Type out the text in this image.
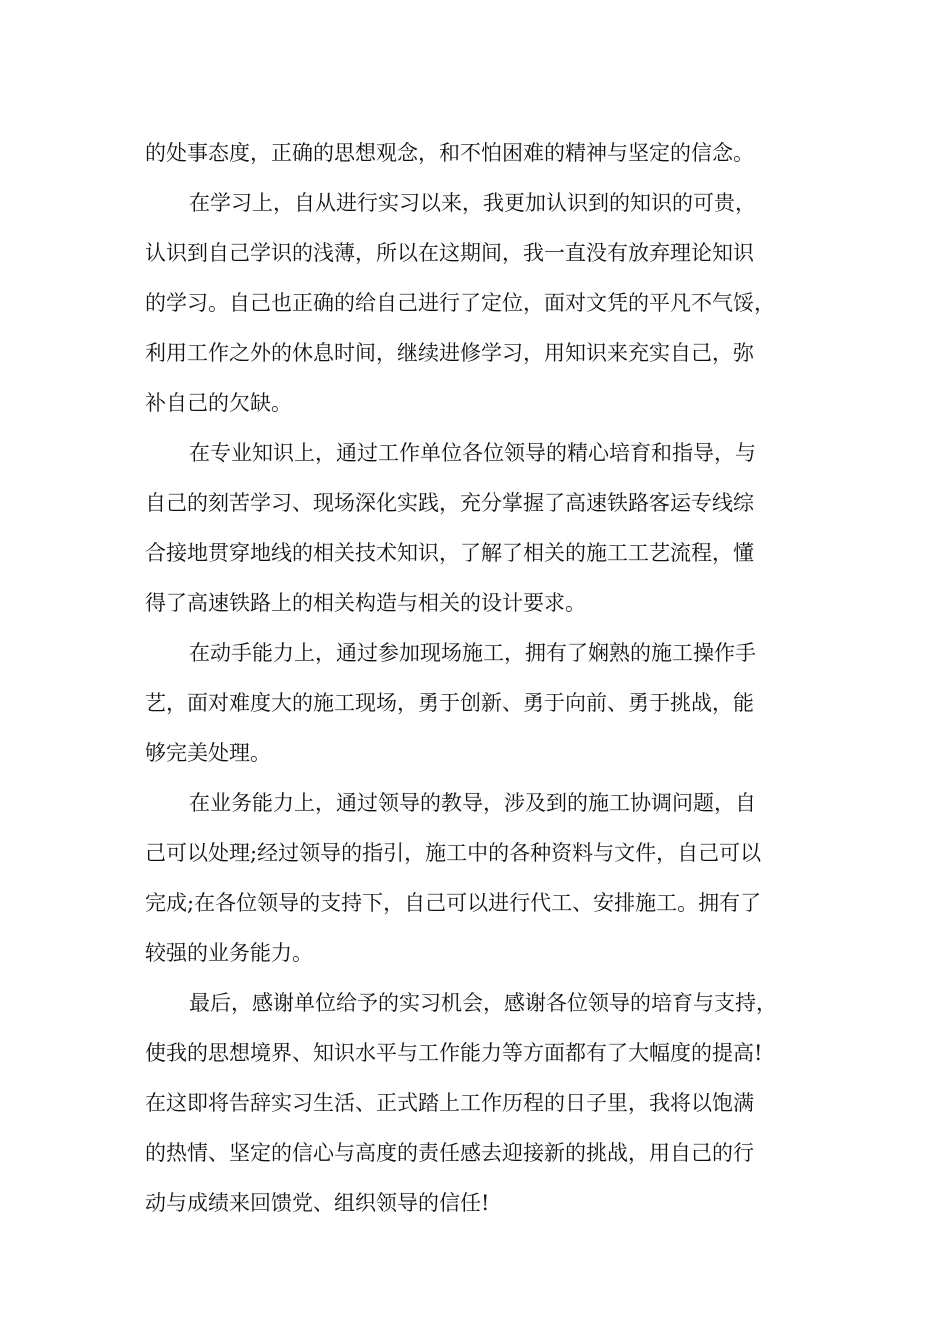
的处事态度，正确的思想观念，和不怕困难的精神与坚定的信念。
在学习上，自从进行实习以来，我更加认识到的知识的可贵，
认识到自己学识的浅薄，所以在这期间，我一直没有放弃理论知识
的学习。自己也正确的给自己进行了定位，面对文凭的平凡不气馁，
利用工作之外的休息时间，继续进修学习，用知识来充实自己，弥
补自己的欠缺。
在专业知识上，通过工作单位各位领导的精心培育和指导，与
自己的刻苦学习、现场深化实践，充分掌握了高速铁路客运专线综
合接地贯穿地线的相关技术知识，了解了相关的施工工艺流程，懂
得了高速铁路上的相关构造与相关的设计要求。
在动手能力上，通过参加现场施工，拥有了娴熟的施工操作手
艺，面对难度大的施工现场，勇于创新、勇于向前、勇于挑战，能
够完美处理。
在业务能力上，通过领导的教导，涉及到的施工协调问题，自
己可以处理;经过领导的指引，施工中的各种资料与文件，自己可以
完成;在各位领导的支持下，自己可以进行代工、安排施工。拥有了
较强的业务能力。
最后，感谢单位给予的实习机会，感谢各位领导的培育与支持，
使我的思想境界、知识水平与工作能力等方面都有了大幅度的提高!
在这即将告辞实习生活、正式踏上工作历程的日子里，我将以饱满
的热情、坚定的信心与高度的责任感去迎接新的挑战，用自己的行
动与成绩来回馈党、组织领导的信任!
